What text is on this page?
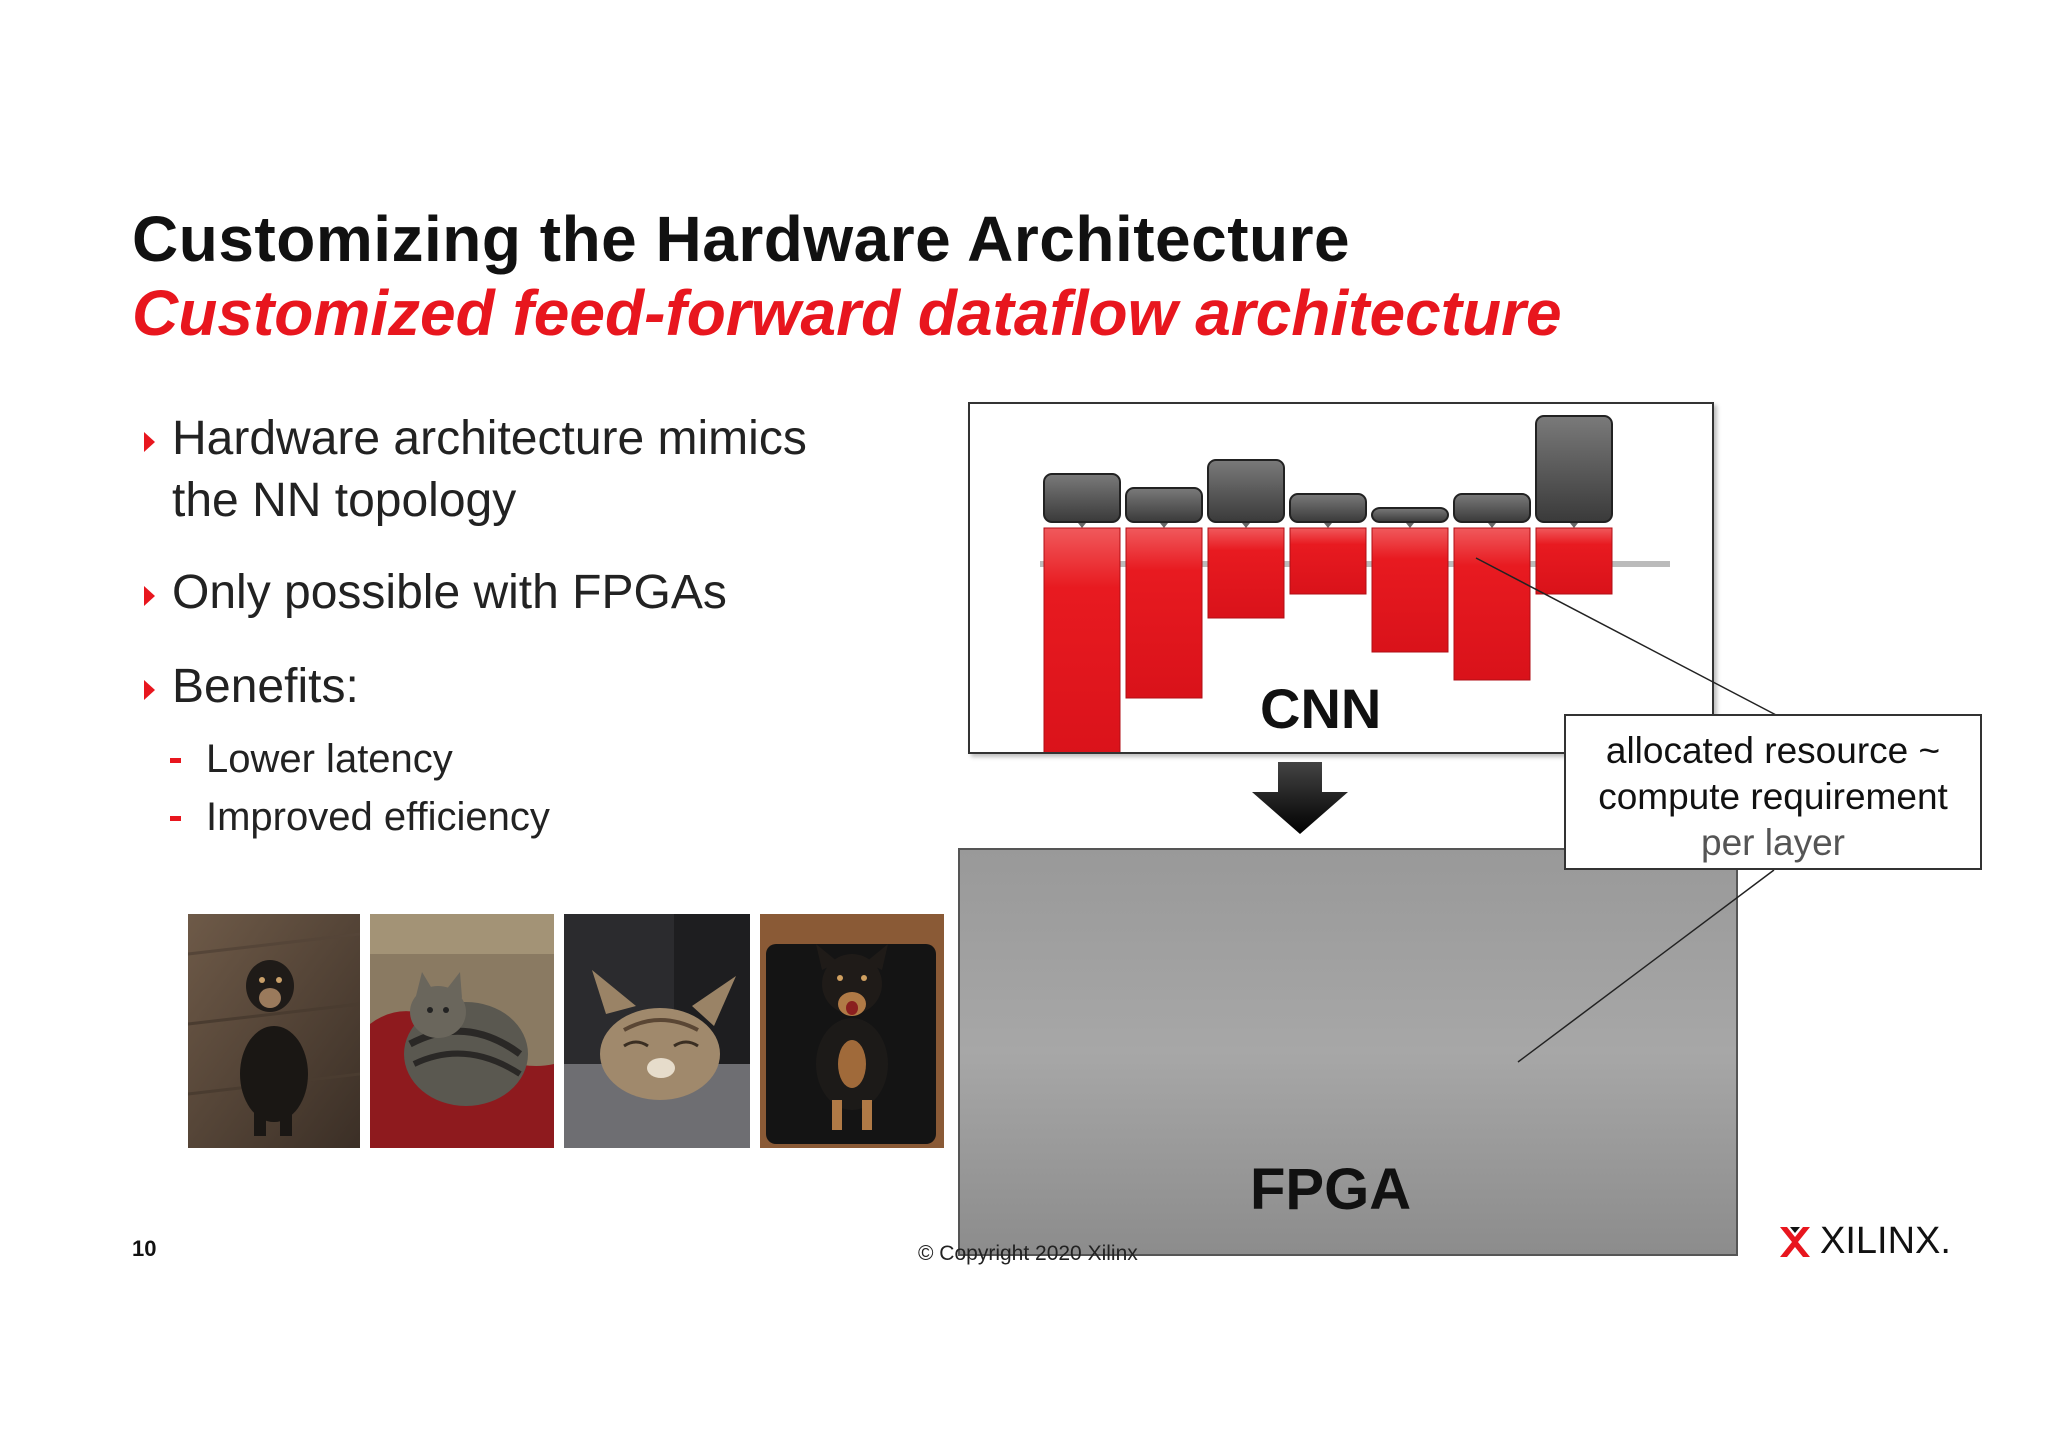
Customizing the Hardware Architecture
Customized feed-forward dataflow architecture
Hardware architecture mimics
the NN topology
Only possible with FPGAs
Benefits:
Lower latency
Improved efficiency
CNN
FPGA
allocated resource ~
compute requirement
per layer
10	© Copyright 2020 Xilinx	XILINX.
